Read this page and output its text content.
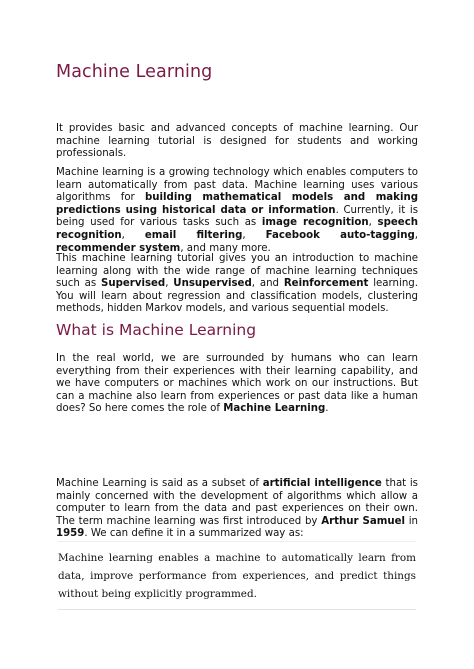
Machine Learning

It provides basic and advanced concepts of machine learning. Our machine learning tutorial is designed for students and working professionals.

Machine learning is a growing technology which enables computers to learn automatically from past data. Machine learning uses various algorithms for building mathematical models and making predictions using historical data or information. Currently, it is being used for various tasks such as image recognition, speech recognition, email filtering, Facebook auto-tagging, recommender system, and many more.

This machine learning tutorial gives you an introduction to machine learning along with the wide range of machine learning techniques such as Supervised, Unsupervised, and Reinforcement learning. You will learn about regression and classification models, clustering methods, hidden Markov models, and various sequential models.

What is Machine Learning

In the real world, we are surrounded by humans who can learn everything from their experiences with their learning capability, and we have computers or machines which work on our instructions. But can a machine also learn from experiences or past data like a human does? So here comes the role of Machine Learning.

Machine Learning is said as a subset of artificial intelligence that is mainly concerned with the development of algorithms which allow a computer to learn from the data and past experiences on their own. The term machine learning was first introduced by Arthur Samuel in 1959. We can define it in a summarized way as:

Machine learning enables a machine to automatically learn from data, improve performance from experiences, and predict things without being explicitly programmed.
